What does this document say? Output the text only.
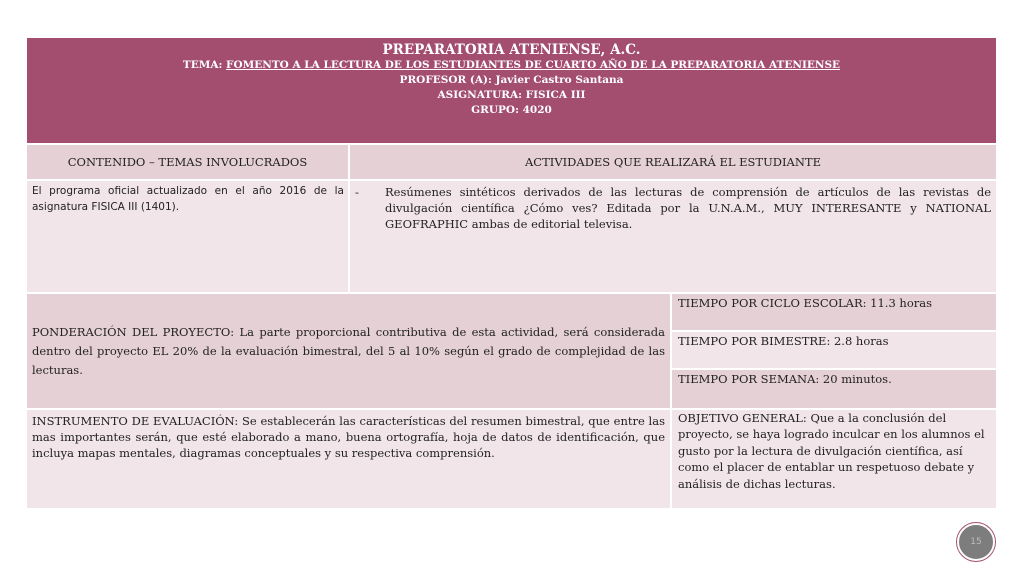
PREPARATORIA ATENIENSE, A.C.
TEMA: FOMENTO A LA LECTURA DE LOS ESTUDIANTES DE CUARTO AÑO DE LA PREPARATORIA ATENIENSE
PROFESOR (A): Javier Castro Santana
ASIGNATURA: FISICA III
GRUPO: 4020
CONTENIDO – TEMAS INVOLUCRADOS	ACTIVIDADES QUE REALIZARÁ EL ESTUDIANTE
El programa oficial actualizado en el año 2016 de la asignatura FISICA III (1401).
-	Resúmenes sintéticos derivados de las lecturas de comprensión de artículos de las revistas de divulgación científica ¿Cómo ves? Editada por la U.N.A.M., MUY INTERESANTE y NATIONAL GEOFRAPHIC ambas de editorial televisa.
PONDERACIÓN DEL PROYECTO: La parte proporcional contributiva de esta actividad, será considerada dentro del proyecto EL 20% de la evaluación bimestral, del 5 al 10% según el grado de complejidad de las lecturas.
TIEMPO POR CICLO ESCOLAR: 11.3 horas
TIEMPO POR BIMESTRE: 2.8 horas
TIEMPO POR SEMANA: 20 minutos.
INSTRUMENTO DE EVALUACIÓN: Se establecerán las características del resumen bimestral, que entre las mas importantes serán, que esté elaborado a mano, buena ortografía, hoja de datos de identificación, que incluya mapas mentales, diagramas conceptuales y su respectiva comprensión.
OBJETIVO GENERAL: Que a la conclusión del proyecto, se haya logrado inculcar en los alumnos el gusto por la lectura de divulgación científica, así como el placer de entablar un respetuoso debate y análisis de dichas lecturas.
15
